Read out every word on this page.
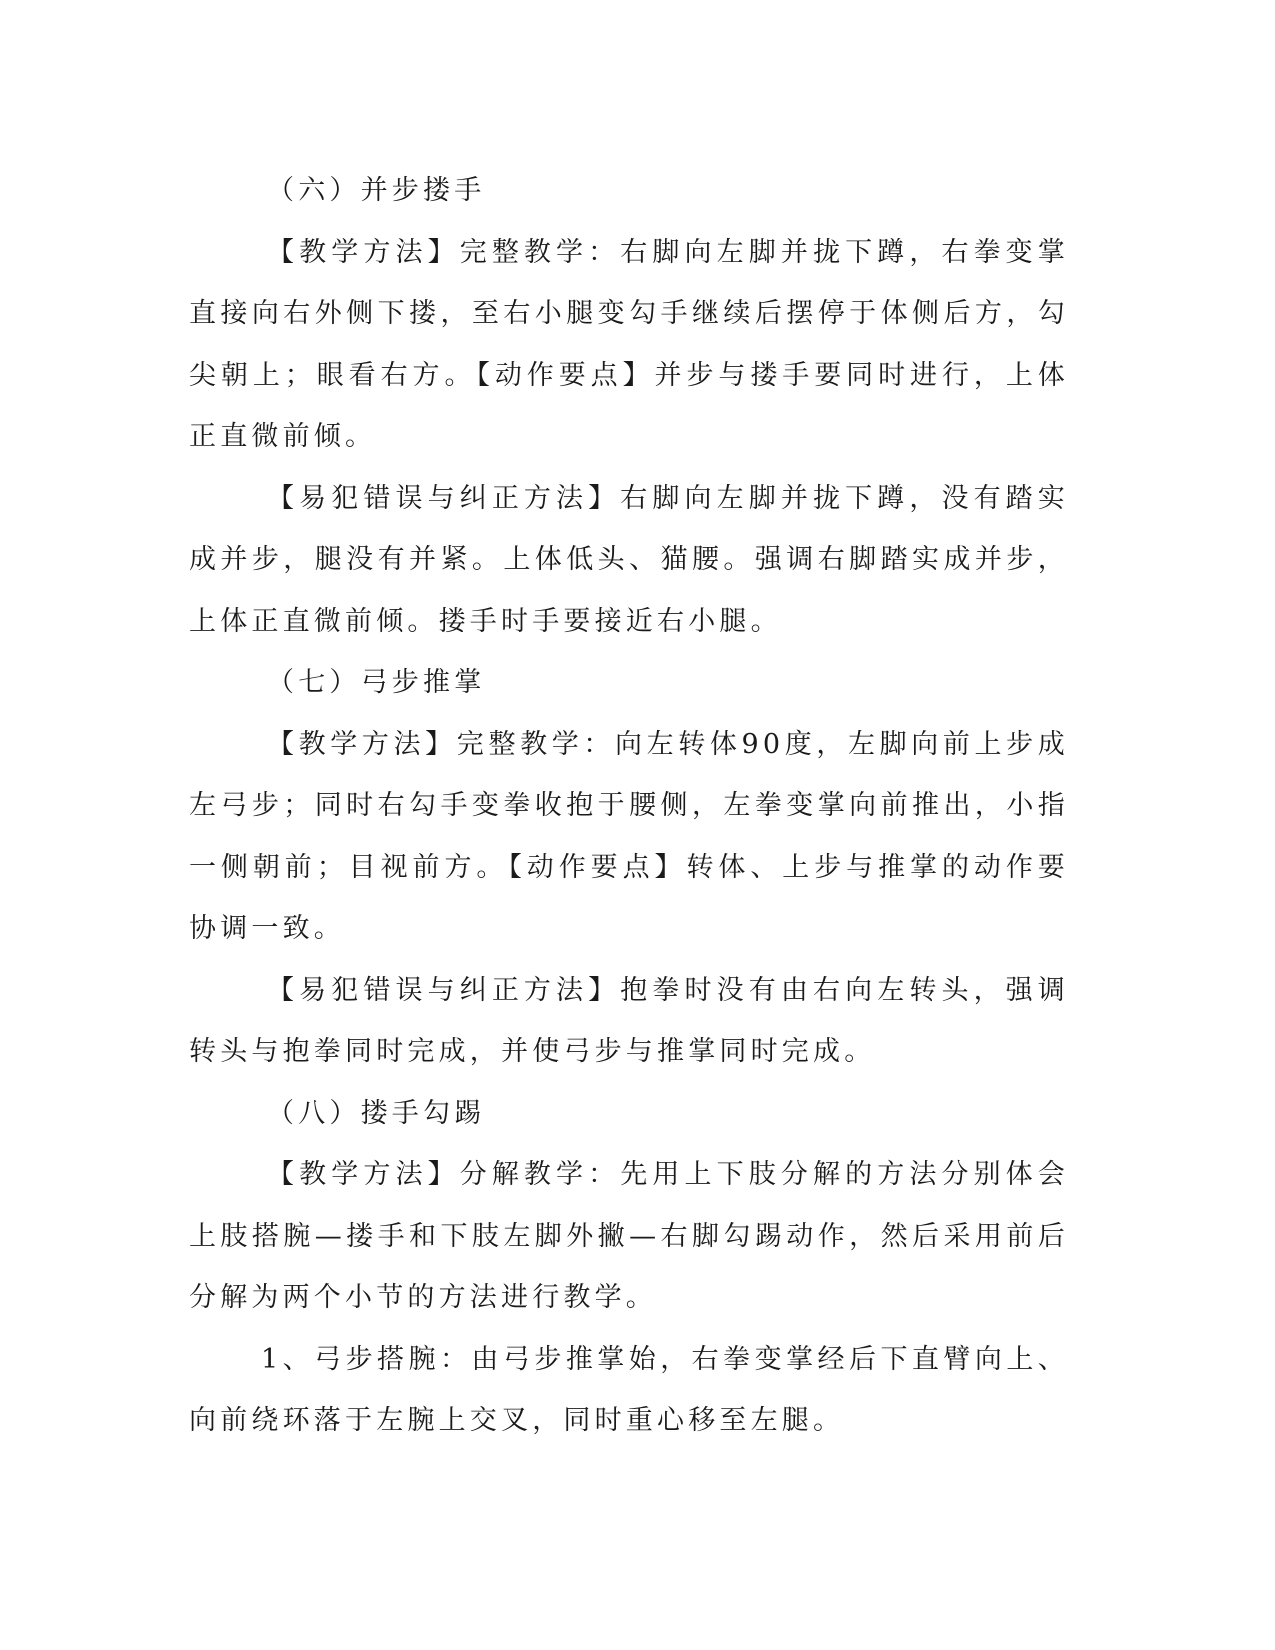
（六）并步搂手

【教学方法】完整教学：右脚向左脚并拢下蹲，右拳变掌直接向右外侧下搂，至右小腿变勾手继续后摆停于体侧后方，勾尖朝上；眼看右方。【动作要点】并步与搂手要同时进行，上体正直微前倾。

【易犯错误与纠正方法】右脚向左脚并拢下蹲，没有踏实成并步，腿没有并紧。上体低头、猫腰。强调右脚踏实成并步，上体正直微前倾。搂手时手要接近右小腿。

（七）弓步推掌

【教学方法】完整教学：向左转体90度，左脚向前上步成左弓步；同时右勾手变拳收抱于腰侧，左拳变掌向前推出，小指一侧朝前；目视前方。【动作要点】转体、上步与推掌的动作要协调一致。

【易犯错误与纠正方法】抱拳时没有由右向左转头，强调转头与抱拳同时完成，并使弓步与推掌同时完成。

（八）搂手勾踢

【教学方法】分解教学：先用上下肢分解的方法分别体会上肢搭腕—搂手和下肢左脚外撇—右脚勾踢动作，然后采用前后分解为两个小节的方法进行教学。

1、弓步搭腕：由弓步推掌始，右拳变掌经后下直臂向上、向前绕环落于左腕上交叉，同时重心移至左腿。
